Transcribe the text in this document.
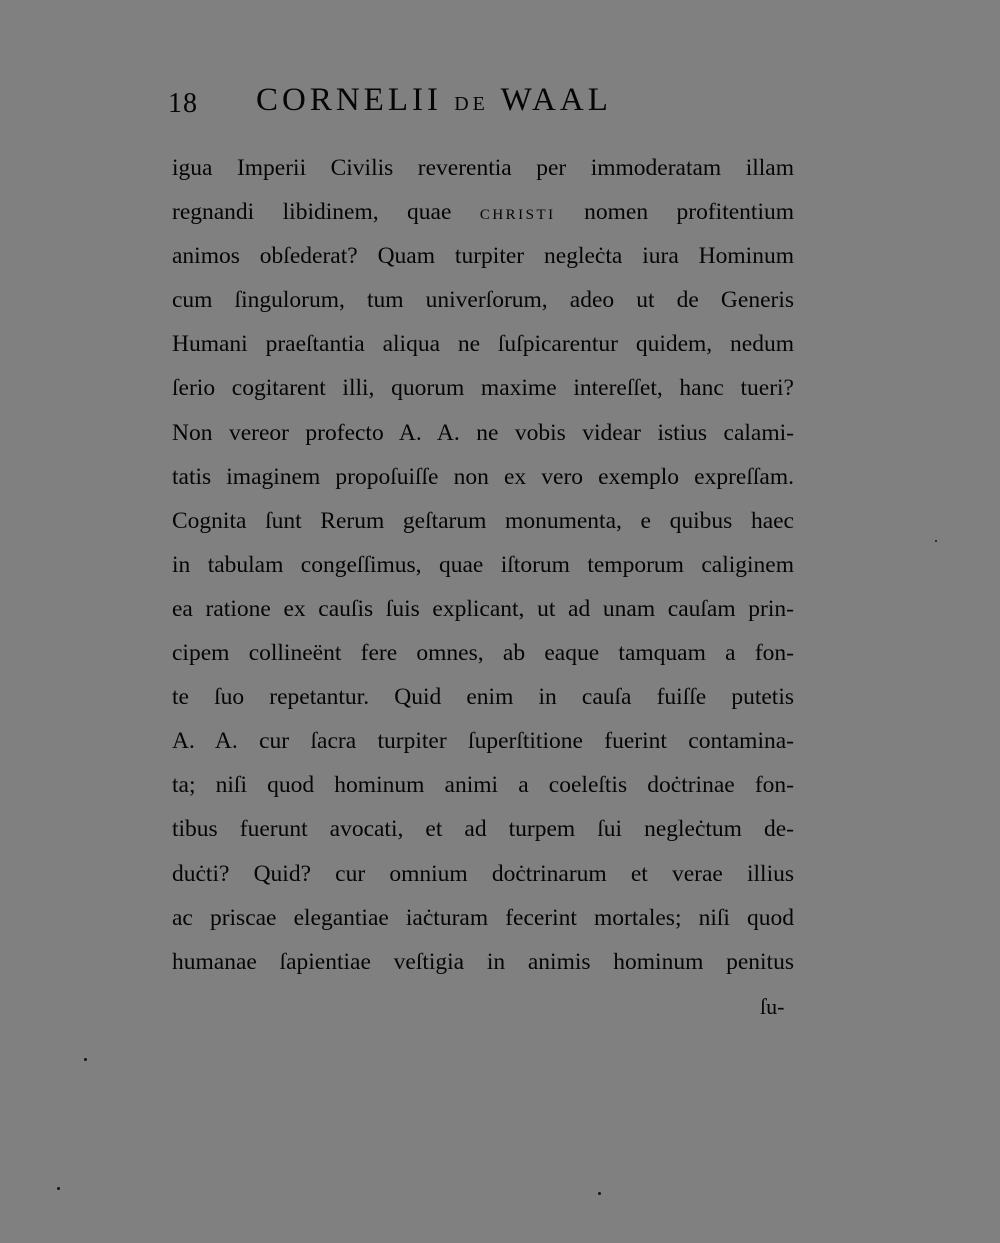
18 CORNELII DE WAAL
igua Imperii Civilis reverentia per immoderatam illam
regnandi libidinem, quae CHRISTI nomen profitentium
animos obſederat? Quam turpiter negleċta iura Hominum
cum ſingulorum, tum univerſorum, adeo ut de Generis
Humani praeſtantia aliqua ne ſuſpicarentur quidem, nedum
ſerio cogitarent illi, quorum maxime intereſſet, hanc tueri?
Non vereor profecto A. A. ne vobis videar istius calami-
tatis imaginem propoſuiſſe non ex vero exemplo expreſſam.
Cognita ſunt Rerum geſtarum monumenta, e quibus haec
in tabulam congeſſimus, quae iſtorum temporum caliginem
ea ratione ex cauſis ſuis explicant, ut ad unam cauſam prin-
cipem collineënt fere omnes, ab eaque tamquam a fon-
te ſuo repetantur. Quid enim in cauſa fuiſſe putetis
A. A. cur ſacra turpiter ſuperſtitione fuerint contamina-
ta; niſi quod hominum animi a coeleſtis doċtrinae fon-
tibus fuerunt avocati, et ad turpem ſui negleċtum de-
duċti? Quid? cur omnium doċtrinarum et verae illius
ac priscae elegantiae iaċturam fecerint mortales; niſi quod
humanae ſapientiae veſtigia in animis hominum penitus
ſu-
